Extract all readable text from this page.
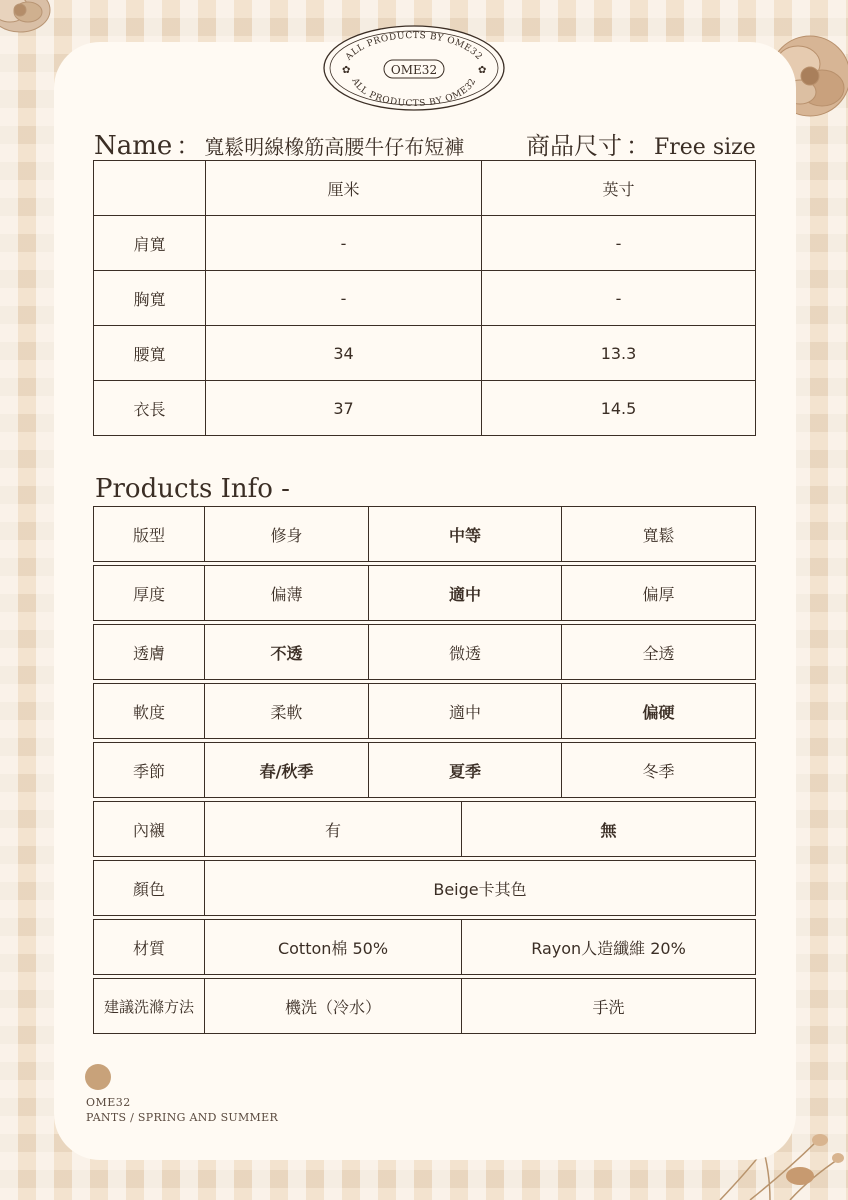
ALL PRODUCTS BY OME32
ALL PRODUCTS BY OME32
OME32
✿	✿
Name ： 寬鬆明線橡筋高腰牛仔布短褲	商品尺寸 ： Free size
	厘米	英寸
肩寬	-	-
胸寬	-	-
腰寬	34	13.3
衣長	37	14.5
Products Info -
版型	修身	中等	寬鬆
厚度	偏薄	適中	偏厚
透膚	不透	微透	全透
軟度	柔軟	適中	偏硬
季節	春/秋季	夏季	冬季
內襯	有	無
顏色	Beige卡其色
材質	Cotton棉 50%	Rayon人造纖維 20%
建議洗滌方法	機洗（冷水）	手洗
OME32
PANTS / SPRING AND SUMMER
